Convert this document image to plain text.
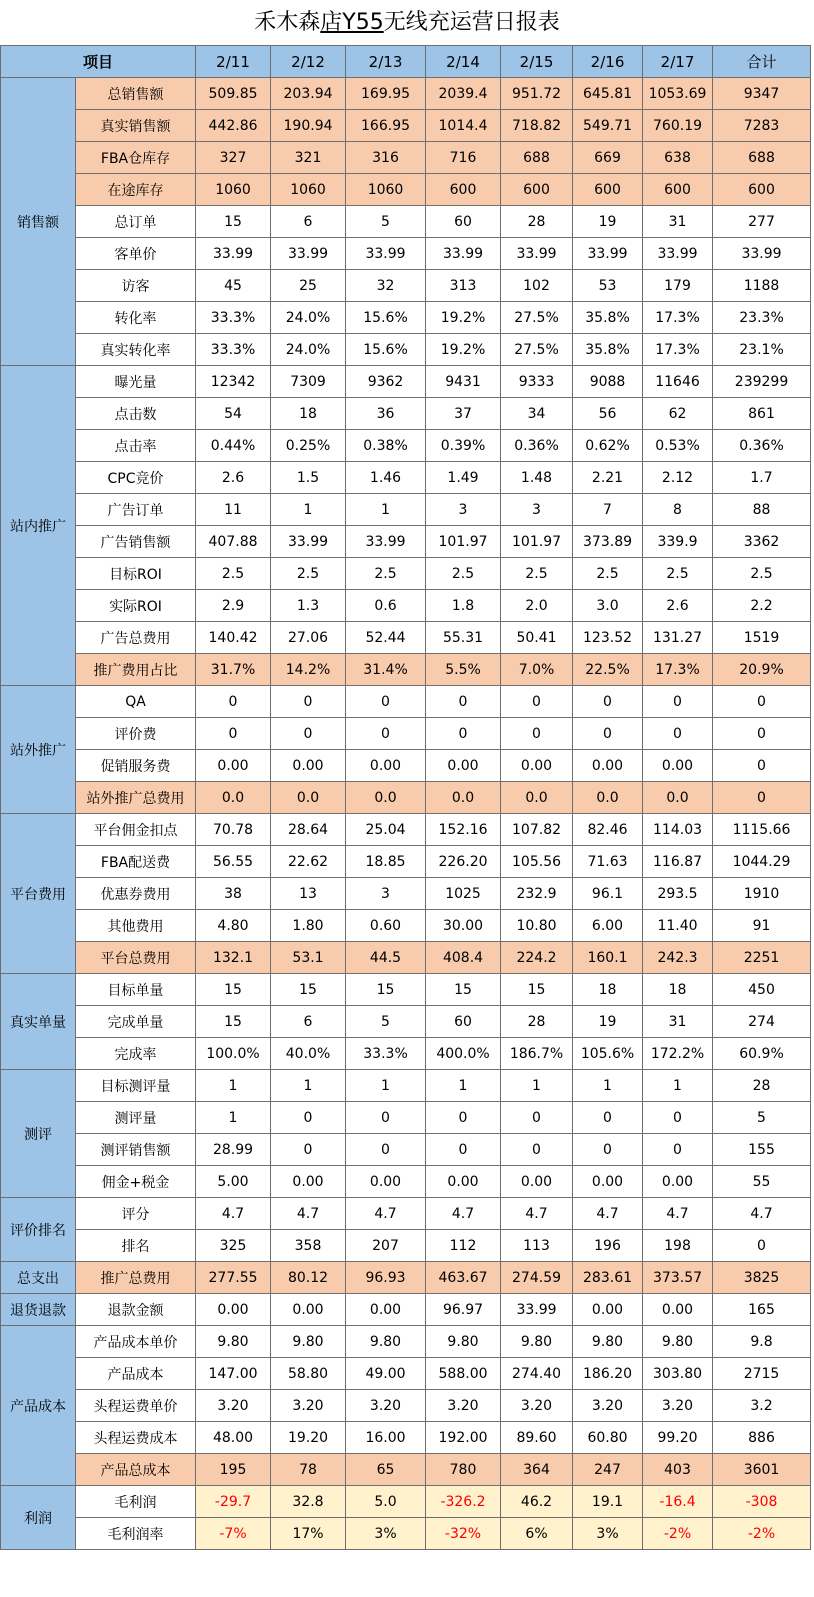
禾木森店Y55无线充运营日报表
项目		2/11	2/12	2/13	2/14	2/15	2/16	2/17	合计
销售额	总销售额	509.85	203.94	169.95	2039.4	951.72	645.81	1053.69	9347
	真实销售额	442.86	190.94	166.95	1014.4	718.82	549.71	760.19	7283
	FBA仓库存	327	321	316	716	688	669	638	688
	在途库存	1060	1060	1060	600	600	600	600	600
	总订单	15	6	5	60	28	19	31	277
	客单价	33.99	33.99	33.99	33.99	33.99	33.99	33.99	33.99
	访客	45	25	32	313	102	53	179	1188
	转化率	33.3%	24.0%	15.6%	19.2%	27.5%	35.8%	17.3%	23.3%
	真实转化率	33.3%	24.0%	15.6%	19.2%	27.5%	35.8%	17.3%	23.1%
站内推广	曝光量	12342	7309	9362	9431	9333	9088	11646	239299
	点击数	54	18	36	37	34	56	62	861
	点击率	0.44%	0.25%	0.38%	0.39%	0.36%	0.62%	0.53%	0.36%
	CPC竞价	2.6	1.5	1.46	1.49	1.48	2.21	2.12	1.7
	广告订单	11	1	1	3	3	7	8	88
	广告销售额	407.88	33.99	33.99	101.97	101.97	373.89	339.9	3362
	目标ROI	2.5	2.5	2.5	2.5	2.5	2.5	2.5	2.5
	实际ROI	2.9	1.3	0.6	1.8	2.0	3.0	2.6	2.2
	广告总费用	140.42	27.06	52.44	55.31	50.41	123.52	131.27	1519
	推广费用占比	31.7%	14.2%	31.4%	5.5%	7.0%	22.5%	17.3%	20.9%
站外推广	QA	0	0	0	0	0	0	0	0
	评价费	0	0	0	0	0	0	0	0
	促销服务费	0.00	0.00	0.00	0.00	0.00	0.00	0.00	0
	站外推广总费用	0.0	0.0	0.0	0.0	0.0	0.0	0.0	0
平台费用	平台佣金扣点	70.78	28.64	25.04	152.16	107.82	82.46	114.03	1115.66
	FBA配送费	56.55	22.62	18.85	226.20	105.56	71.63	116.87	1044.29
	优惠券费用	38	13	3	1025	232.9	96.1	293.5	1910
	其他费用	4.80	1.80	0.60	30.00	10.80	6.00	11.40	91
	平台总费用	132.1	53.1	44.5	408.4	224.2	160.1	242.3	2251
真实单量	目标单量	15	15	15	15	15	18	18	450
	完成单量	15	6	5	60	28	19	31	274
	完成率	100.0%	40.0%	33.3%	400.0%	186.7%	105.6%	172.2%	60.9%
测评	目标测评量	1	1	1	1	1	1	1	28
	测评量	1	0	0	0	0	0	0	5
	测评销售额	28.99	0	0	0	0	0	0	155
	佣金+税金	5.00	0.00	0.00	0.00	0.00	0.00	0.00	55
评价排名	评分	4.7	4.7	4.7	4.7	4.7	4.7	4.7	4.7
	排名	325	358	207	112	113	196	198	0
总支出	推广总费用	277.55	80.12	96.93	463.67	274.59	283.61	373.57	3825
退货退款	退款金额	0.00	0.00	0.00	96.97	33.99	0.00	0.00	165
产品成本	产品成本单价	9.80	9.80	9.80	9.80	9.80	9.80	9.80	9.8
	产品成本	147.00	58.80	49.00	588.00	274.40	186.20	303.80	2715
	头程运费单价	3.20	3.20	3.20	3.20	3.20	3.20	3.20	3.2
	头程运费成本	48.00	19.20	16.00	192.00	89.60	60.80	99.20	886
	产品总成本	195	78	65	780	364	247	403	3601
利润	毛利润	-29.7	32.8	5.0	-326.2	46.2	19.1	-16.4	-308
	毛利润率	-7%	17%	3%	-32%	6%	3%	-2%	-2%
